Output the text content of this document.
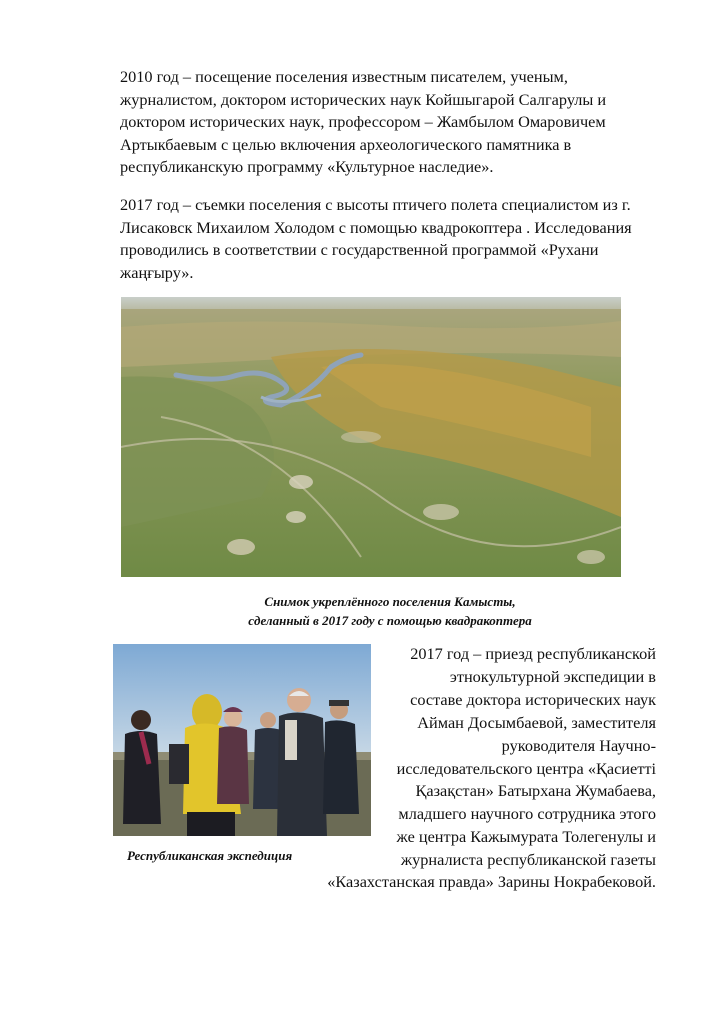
2010 год – посещение поселения известным писателем, ученым, журналистом, доктором исторических наук Койшыгарой Салгарулы и доктором исторических наук, профессором – Жамбылом Омаровичем Артыкбаевым с целью включения археологического памятника в республиканскую программу «Культурное наследие».

2017 год – съемки поселения с высоты птичего полета специалистом из г. Лисаковск Михаилом Холодом с помощью квадрокоптера . Исследования проводились в соответствии с государственной программой «Рухани жаңғыру».

Снимок укреплённого поселения Камысты,
сделанный в 2017 году с помощью квадракоптера
Республиканская экспедиция
2017 год – приезд республиканской
этнокультурной экспедиции в
составе доктора исторических наук
Айман Досымбаевой, заместителя
руководителя Научно-
исследовательского центра «Қасиетті
Қазақстан» Батырхана Жумабаева,
младшего научного сотрудника этого
же центра Кажымурата Толегенулы и
журналиста республиканской газеты
«Казахстанская правда» Зарины Нокрабековой.
